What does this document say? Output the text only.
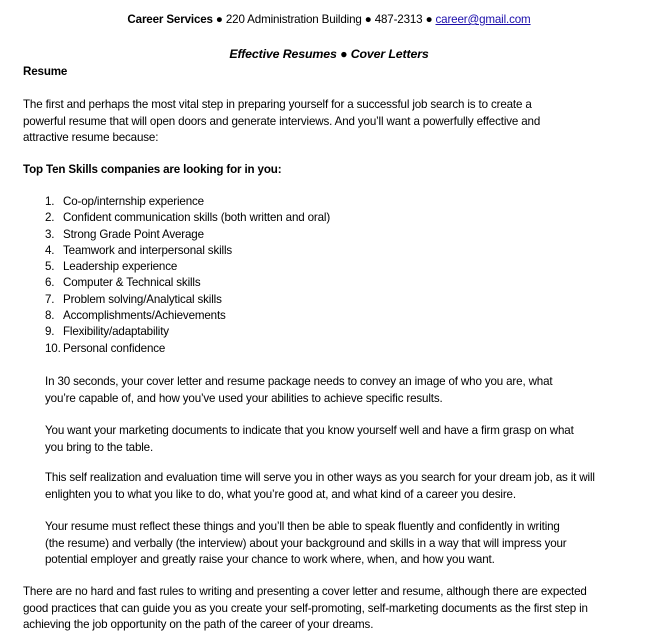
Career Services ● 220 Administration Building ● 487-2313 ● career@gmail.com
Effective Resumes ● Cover Letters
Resume
The first and perhaps the most vital step in preparing yourself for a successful job search is to create a
powerful resume that will open doors and generate interviews. And you’ll want a powerfully effective and
attractive resume because:
Top Ten Skills companies are looking for in you:
1. Co-op/internship experience
2. Confident communication skills (both written and oral)
3. Strong Grade Point Average
4. Teamwork and interpersonal skills
5. Leadership experience
6. Computer & Technical skills
7. Problem solving/Analytical skills
8. Accomplishments/Achievements
9. Flexibility/adaptability
10. Personal confidence
In 30 seconds, your cover letter and resume package needs to convey an image of who you are, what
you’re capable of, and how you’ve used your abilities to achieve specific results.
You want your marketing documents to indicate that you know yourself well and have a firm grasp on what
you bring to the table.
This self realization and evaluation time will serve you in other ways as you search for your dream job, as it will
enlighten you to what you like to do, what you’re good at, and what kind of a career you desire.
Your resume must reflect these things and you’ll then be able to speak fluently and confidently in writing
(the resume) and verbally (the interview) about your background and skills in a way that will impress your
potential employer and greatly raise your chance to work where, when, and how you want.
There are no hard and fast rules to writing and presenting a cover letter and resume, although there are expected
good practices that can guide you as you create your self-promoting, self-marketing documents as the first step in
achieving the job opportunity on the path of the career of your dreams.
